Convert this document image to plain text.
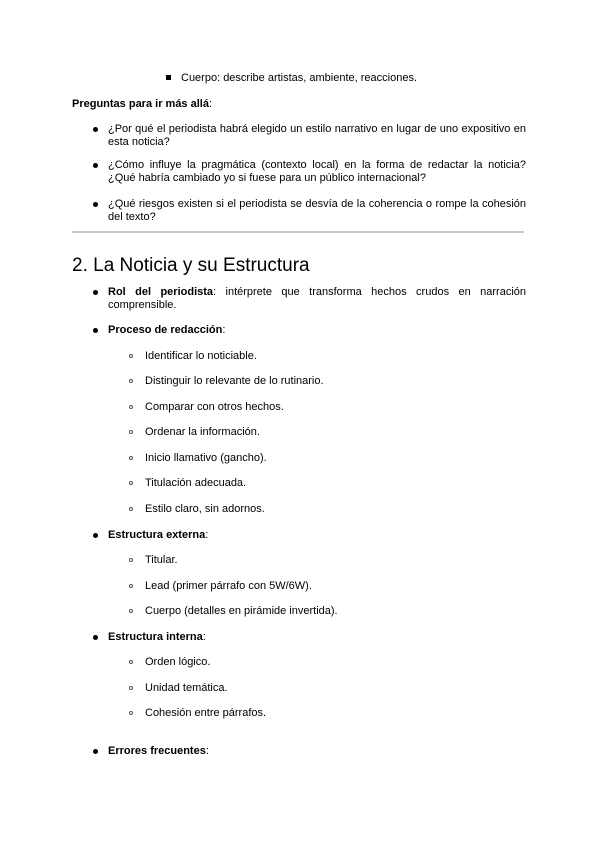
Cuerpo: describe artistas, ambiente, reacciones.
Preguntas para ir más allá:
¿Por qué el periodista habrá elegido un estilo narrativo en lugar de uno expositivo en
esta noticia?
¿Cómo influye la pragmática (contexto local) en la forma de redactar la noticia?
¿Qué habría cambiado yo si fuese para un público internacional?
¿Qué riesgos existen si el periodista se desvía de la coherencia o rompe la cohesión
del texto?
2. La Noticia y su Estructura
Rol del periodista: intérprete que transforma hechos crudos en narración
comprensible.
Proceso de redacción:
Identificar lo noticiable.
Distinguir lo relevante de lo rutinario.
Comparar con otros hechos.
Ordenar la información.
Inicio llamativo (gancho).
Titulación adecuada.
Estilo claro, sin adornos.
Estructura externa:
Titular.
Lead (primer párrafo con 5W/6W).
Cuerpo (detalles en pirámide invertida).
Estructura interna:
Orden lógico.
Unidad temática.
Cohesión entre párrafos.
Errores frecuentes:
